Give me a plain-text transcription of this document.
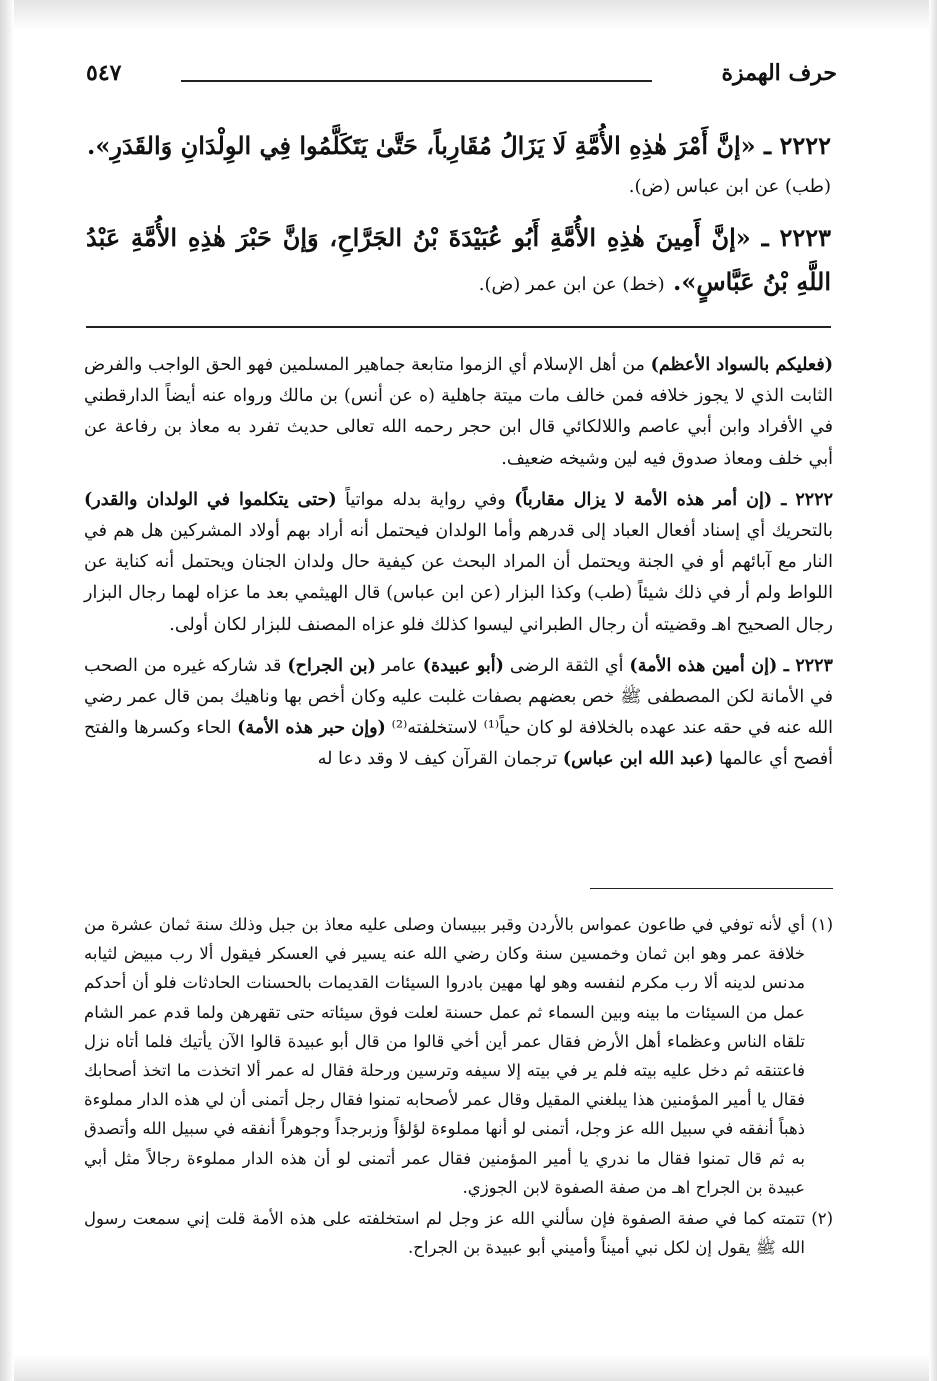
حرف الهمزة
٥٤٧
٢٢٢٢ ـ «إنَّ أَمْرَ هٰذِهِ الأُمَّةِ لَا يَزَالُ مُقَارِباً، حَتَّىٰ يَتَكَلَّمُوا فِي الوِلْدَانِ وَالقَدَرِ».
(طب) عن ابن عباس (ض).
٢٢٢٣ ـ «إنَّ أَمِينَ هٰذِهِ الأُمَّةِ أَبُو عُبَيْدَةَ بْنُ الجَرَّاحِ، وَإنَّ حَبْرَ هٰذِهِ الأُمَّةِ عَبْدُ اللَّهِ بْنُ عَبَّاسٍ». (خط) عن ابن عمر (ض).

(فعليكم بالسواد الأعظم) من أهل الإسلام أي الزموا متابعة جماهير المسلمين فهو الحق الواجب والفرض الثابت الذي لا يجوز خلافه فمن خالف مات ميتة جاهلية (ه عن أنس) بن مالك ورواه عنه أيضاً الدارقطني في الأفراد وابن أبي عاصم واللالكائي قال ابن حجر رحمه الله تعالى حديث تفرد به معاذ بن رفاعة عن أبي خلف ومعاذ صدوق فيه لين وشيخه ضعيف.

٢٢٢٢ ـ (إن أمر هذه الأمة لا يزال مقارباً) وفي رواية بدله مواتياً (حتى يتكلموا في الولدان والقدر) بالتحريك أي إسناد أفعال العباد إلى قدرهم وأما الولدان فيحتمل أنه أراد بهم أولاد المشركين هل هم في النار مع آبائهم أو في الجنة ويحتمل أن المراد البحث عن كيفية حال ولدان الجنان ويحتمل أنه كناية عن اللواط ولم أر في ذلك شيئاً (طب) وكذا البزار (عن ابن عباس) قال الهيثمي بعد ما عزاه لهما رجال البزار رجال الصحيح اهـ وقضيته أن رجال الطبراني ليسوا كذلك فلو عزاه المصنف للبزار لكان أولى.

٢٢٢٣ ـ (إن أمين هذه الأمة) أي الثقة الرضى (أبو عبيدة) عامر (بن الجراح) قد شاركه غيره من الصحب في الأمانة لكن المصطفى ﷺ خص بعضهم بصفات غلبت عليه وكان أخص بها وناهيك بمن قال عمر رضي الله عنه في حقه عند عهده بالخلافة لو كان حياً⁽¹⁾ لاستخلفته⁽²⁾ (وإن حبر هذه الأمة) الحاء وكسرها والفتح أفصح أي عالمها (عبد الله ابن عباس) ترجمان القرآن كيف لا وقد دعا له

(١)
أي لأنه توفي في طاعون عمواس بالأردن وقبر ببيسان وصلى عليه معاذ بن جبل وذلك سنة ثمان عشرة من خلافة عمر وهو ابن ثمان وخمسين سنة وكان رضي الله عنه يسير في العسكر فيقول ألا رب مبيض لثيابه مدنس لدينه ألا رب مكرم لنفسه وهو لها مهين بادروا السيئات القديمات بالحسنات الحادثات فلو أن أحدكم عمل من السيئات ما بينه وبين السماء ثم عمل حسنة لعلت فوق سيئاته حتى تقهرهن ولما قدم عمر الشام تلقاه الناس وعظماء أهل الأرض فقال عمر أين أخي قالوا من قال أبو عبيدة قالوا الآن يأتيك فلما أتاه نزل فاعتنقه ثم دخل عليه بيته فلم ير في بيته إلا سيفه وترسين ورحلة فقال له عمر ألا اتخذت ما اتخذ أصحابك فقال يا أمير المؤمنين هذا يبلغني المقيل وقال عمر لأصحابه تمنوا فقال رجل أتمنى أن لي هذه الدار مملوءة ذهباً أنفقه في سبيل الله عز وجل، أتمنى لو أنها مملوءة لؤلؤاً وزبرجداً وجوهراً أنفقه في سبيل الله وأتصدق به ثم قال تمنوا فقال ما ندري يا أمير المؤمنين فقال عمر أتمنى لو أن هذه الدار مملوءة رجالاً مثل أبي عبيدة بن الجراح اهـ من صفة الصفوة لابن الجوزي.
(٢)
تتمته كما في صفة الصفوة فإن سألني الله عز وجل لم استخلفته على هذه الأمة قلت إني سمعت رسول الله ﷺ يقول إن لكل نبي أميناً وأميني أبو عبيدة بن الجراح.
